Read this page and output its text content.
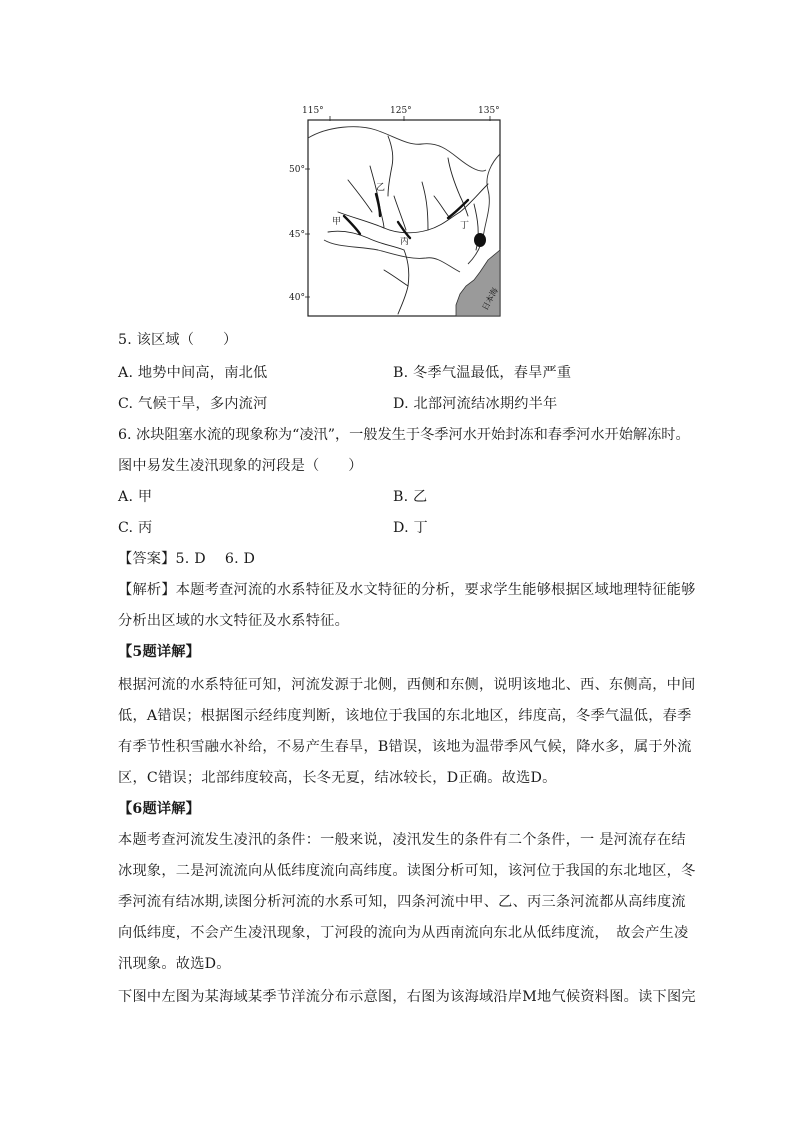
115°	125°	135°
50°
45°
40°	日本海
甲
乙
丙
丁
5. 该区域（　　）
A. 地势中间高，南北低	B. 冬季气温最低，春旱严重
C. 气候干旱，多内流河	D. 北部河流结冰期约半年
6. 冰块阻塞水流的现象称为“凌汛”，一般发生于冬季河水开始封冻和春季河水开始解冻时。
图中易发生凌汛现象的河段是（　　）
A. 甲	B. 乙
C. 丙	D. 丁
【答案】5. D　 6. D
【解析】本题考查河流的水系特征及水文特征的分析，要求学生能够根据区域地理特征能够
分析出区域的水文特征及水系特征。
【5题详解】
根据河流的水系特征可知，河流发源于北侧，西侧和东侧，说明该地北、西、东侧高，中间
低，A错误；根据图示经纬度判断，该地位于我国的东北地区，纬度高，冬季气温低，春季
有季节性积雪融水补给，不易产生春旱，B错误，该地为温带季风气候，降水多，属于外流
区，C错误；北部纬度较高，长冬无夏，结冰较长，D正确。故选D。
【6题详解】
本题考查河流发生凌汛的条件：一般来说，凌汛发生的条件有二个条件，一 是河流存在结
冰现象，二是河流流向从低纬度流向高纬度。读图分析可知，该河位于我国的东北地区，冬
季河流有结冰期,读图分析河流的水系可知，四条河流中甲、乙、丙三条河流都从高纬度流
向低纬度，不会产生凌汛现象，丁河段的流向为从西南流向东北从低纬度流，　故会产生凌
汛现象。故选D。
下图中左图为某海域某季节洋流分布示意图，右图为该海域沿岸M地气候资料图。读下图完
